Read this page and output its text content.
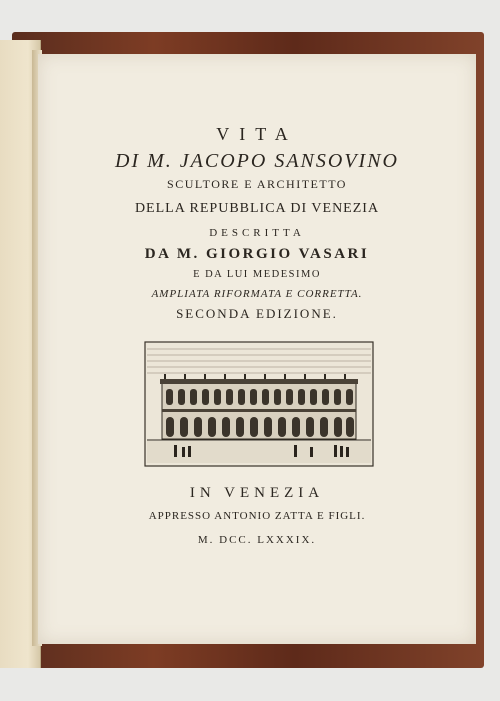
VITA
DI M. JACOPO SANSOVINO
SCULTORE E ARCHITETTO
DELLA REPUBBLICA DI VENEZIA
DESCRITTA
DA M. GIORGIO VASARI
E DA LUI MEDESIMO
AMPLIATA RIFORMATA E CORRETTA.
SECONDA EDIZIONE.
IN VENEZIA
APPRESSO ANTONIO ZATTA E FIGLI.
M. DCC. LXXXIX.
